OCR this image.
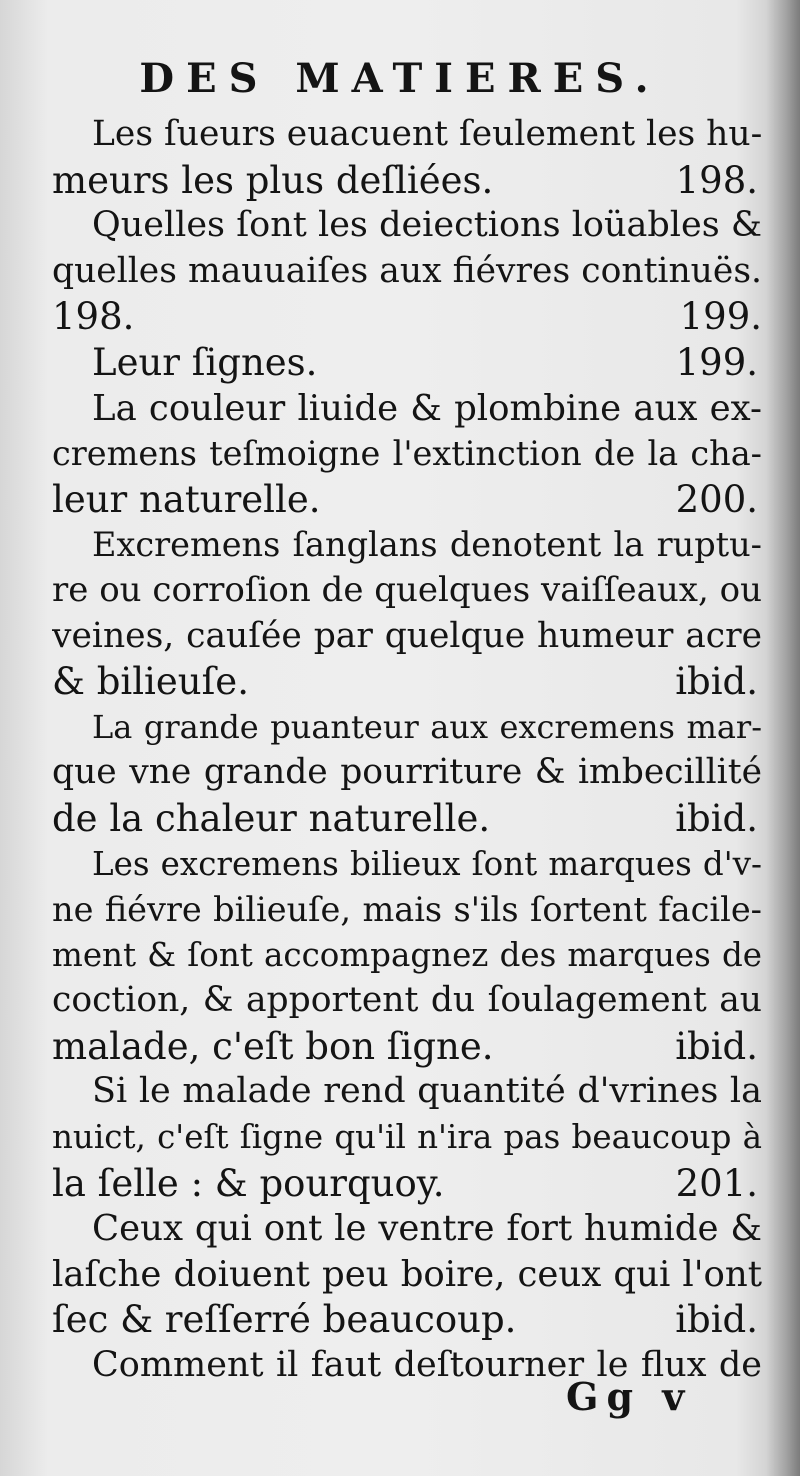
DES MATIERES.
Les ſueurs euacuent ſeulement les hu-
meurs les plus deſliées.	198.
Quelles ſont les deiections loüables &
quelles mauuaiſes aux fiévres continuës.
198. 199.
Leur ſignes.	199.
La couleur liuide & plombine aux ex-
cremens teſmoigne l'extinction de la cha-
leur naturelle.	200.
Excremens ſanglans denotent la ruptu-
re ou corroſion de quelques vaiſſeaux, ou
veines, cauſée par quelque humeur acre
& bilieuſe.	ibid.
La grande puanteur aux excremens mar-
que vne grande pourriture & imbecillité
de la chaleur naturelle.	ibid.
Les excremens bilieux ſont marques d'v-
ne fiévre bilieuſe, mais s'ils ſortent facile-
ment & ſont accompagnez des marques de
coction, & apportent du ſoulagement au
malade, c'eſt bon ſigne.	ibid.
Si le malade rend quantité d'vrines la
nuict, c'eſt ſigne qu'il n'ira pas beaucoup à
la ſelle : & pourquoy.	201.
Ceux qui ont le ventre fort humide &
laſche doiuent peu boire, ceux qui l'ont
ſec & reſſerré beaucoup.	ibid.
Comment il faut deſtourner le flux de
Gg v
